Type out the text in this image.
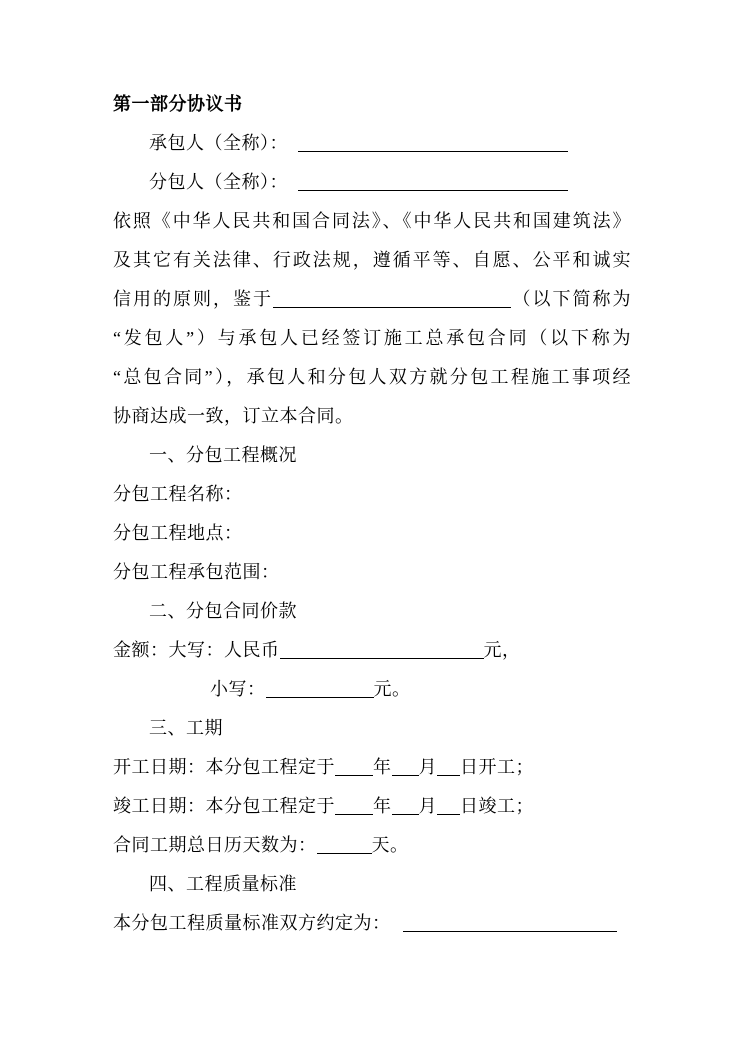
第一部分协议书
承包人（全称）：
分包人（全称）：
依照《中华人民共和国合同法》、《中华人民共和国建筑法》
及其它有关法律、行政法规，遵循平等、自愿、公平和诚实
信用的原则，鉴于	（以下简称为
“发包人”）与承包人已经签订施工总承包合同（以下称为
“总包合同”），承包人和分包人双方就分包工程施工事项经
协商达成一致，订立本合同。
一、分包工程概况
分包工程名称：
分包工程地点：
分包工程承包范围：
二、分包合同价款
金额：大写：人民币	元，
小写：	元。
三、工期
开工日期：本分包工程定于 年 月 日开工；
竣工日期：本分包工程定于 年 月 日竣工；
合同工期总日历天数为：	天。
四、工程质量标准
本分包工程质量标准双方约定为：
